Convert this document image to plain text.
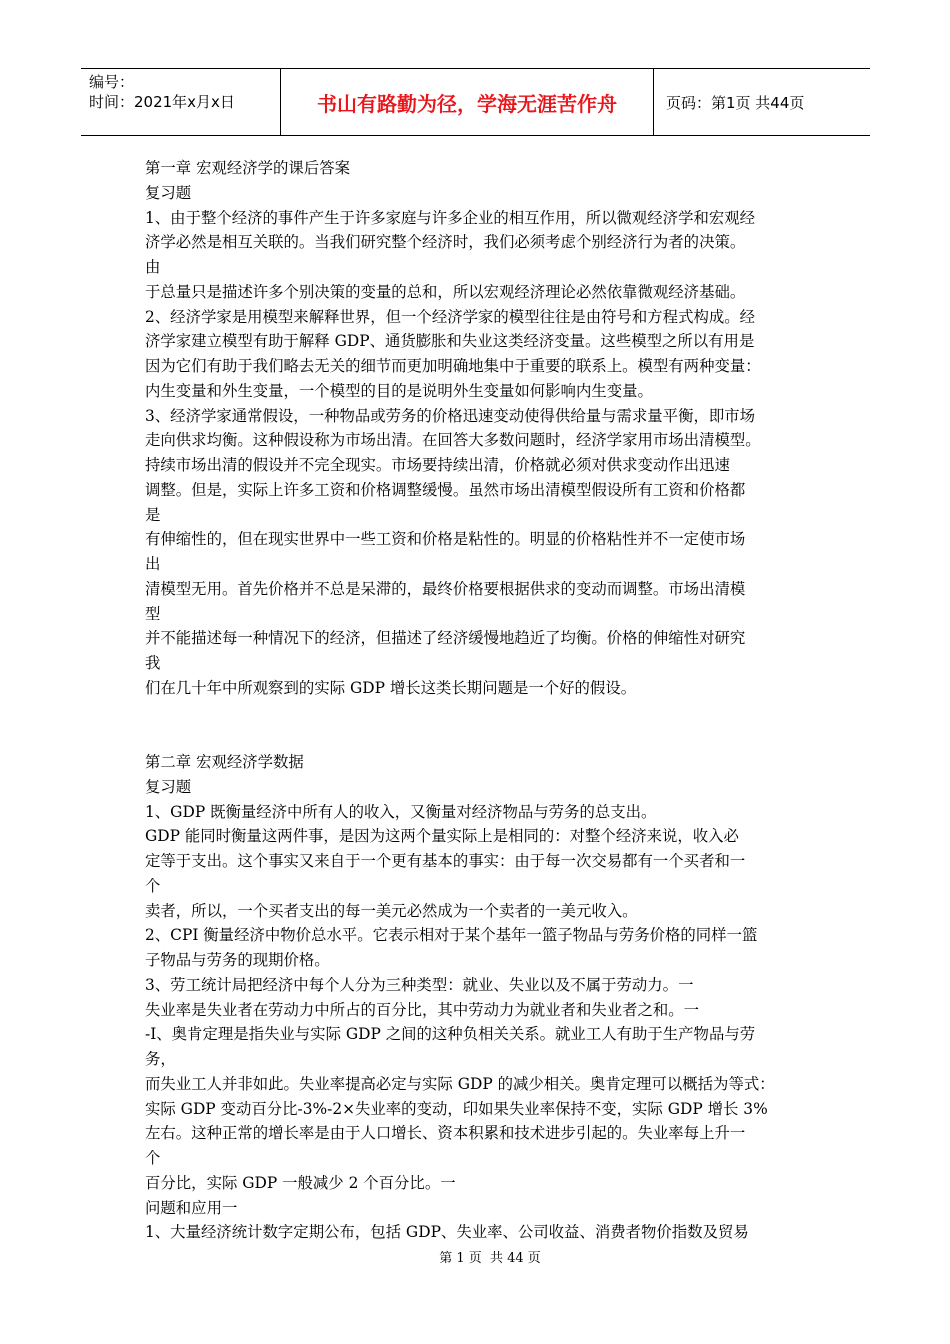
编号：
时间：2021年x月x日	书山有路勤为径，学海无涯苦作舟	页码：第1页 共44页
第一章 宏观经济学的课后答案
复习题
1、由于整个经济的事件产生于许多家庭与许多企业的相互作用，所以微观经济学和宏观经
济学必然是相互关联的。当我们研究整个经济时，我们必须考虑个别经济行为者的决策。
由
于总量只是描述许多个别决策的变量的总和，所以宏观经济理论必然依靠微观经济基础。
2、经济学家是用模型来解释世界，但一个经济学家的模型往往是由符号和方程式构成。经
济学家建立模型有助于解释 GDP、通货膨胀和失业这类经济变量。这些模型之所以有用是
因为它们有助于我们略去无关的细节而更加明确地集中于重要的联系上。模型有两种变量：
内生变量和外生变量，一个模型的目的是说明外生变量如何影响内生变量。
3、经济学家通常假设，一种物品或劳务的价格迅速变动使得供给量与需求量平衡，即市场
走向供求均衡。这种假设称为市场出清。在回答大多数问题时，经济学家用市场出清模型。
持续市场出清的假设并不完全现实。市场要持续出清，价格就必须对供求变动作出迅速
调整。但是，实际上许多工资和价格调整缓慢。虽然市场出清模型假设所有工资和价格都
是
有伸缩性的，但在现实世界中一些工资和价格是粘性的。明显的价格粘性并不一定使市场
出
清模型无用。首先价格并不总是呆滞的，最终价格要根据供求的变动而调整。市场出清模
型
并不能描述每一种情况下的经济，但描述了经济缓慢地趋近了均衡。价格的伸缩性对研究
我
们在几十年中所观察到的实际 GDP 增长这类长期问题是一个好的假设。
第二章 宏观经济学数据
复习题
1、GDP 既衡量经济中所有人的收入，又衡量对经济物品与劳务的总支出。
GDP 能同时衡量这两件事，是因为这两个量实际上是相同的：对整个经济来说，收入必
定等于支出。这个事实又来自于一个更有基本的事实：由于每一次交易都有一个买者和一
个
卖者，所以，一个买者支出的每一美元必然成为一个卖者的一美元收入。
2、CPI 衡量经济中物价总水平。它表示相对于某个基年一篮子物品与劳务价格的同样一篮
子物品与劳务的现期价格。
3、劳工统计局把经济中每个人分为三种类型：就业、失业以及不属于劳动力。一
失业率是失业者在劳动力中所占的百分比，其中劳动力为就业者和失业者之和。一
-I、奥肯定理是指失业与实际 GDP 之间的这种负相关关系。就业工人有助于生产物品与劳
务，
而失业工人并非如此。失业率提高必定与实际 GDP 的减少相关。奥肯定理可以概括为等式：
实际 GDP 变动百分比-3%-2×失业率的变动，印如果失业率保持不变，实际 GDP 增长 3%
左右。这种正常的增长率是由于人口增长、资本积累和技术进步引起的。失业率每上升一
个
百分比，实际 GDP 一般减少 2 个百分比。一
问题和应用一
1、大量经济统计数字定期公布，包括 GDP、失业率、公司收益、消费者物价指数及贸易
第 1 页  共 44 页
